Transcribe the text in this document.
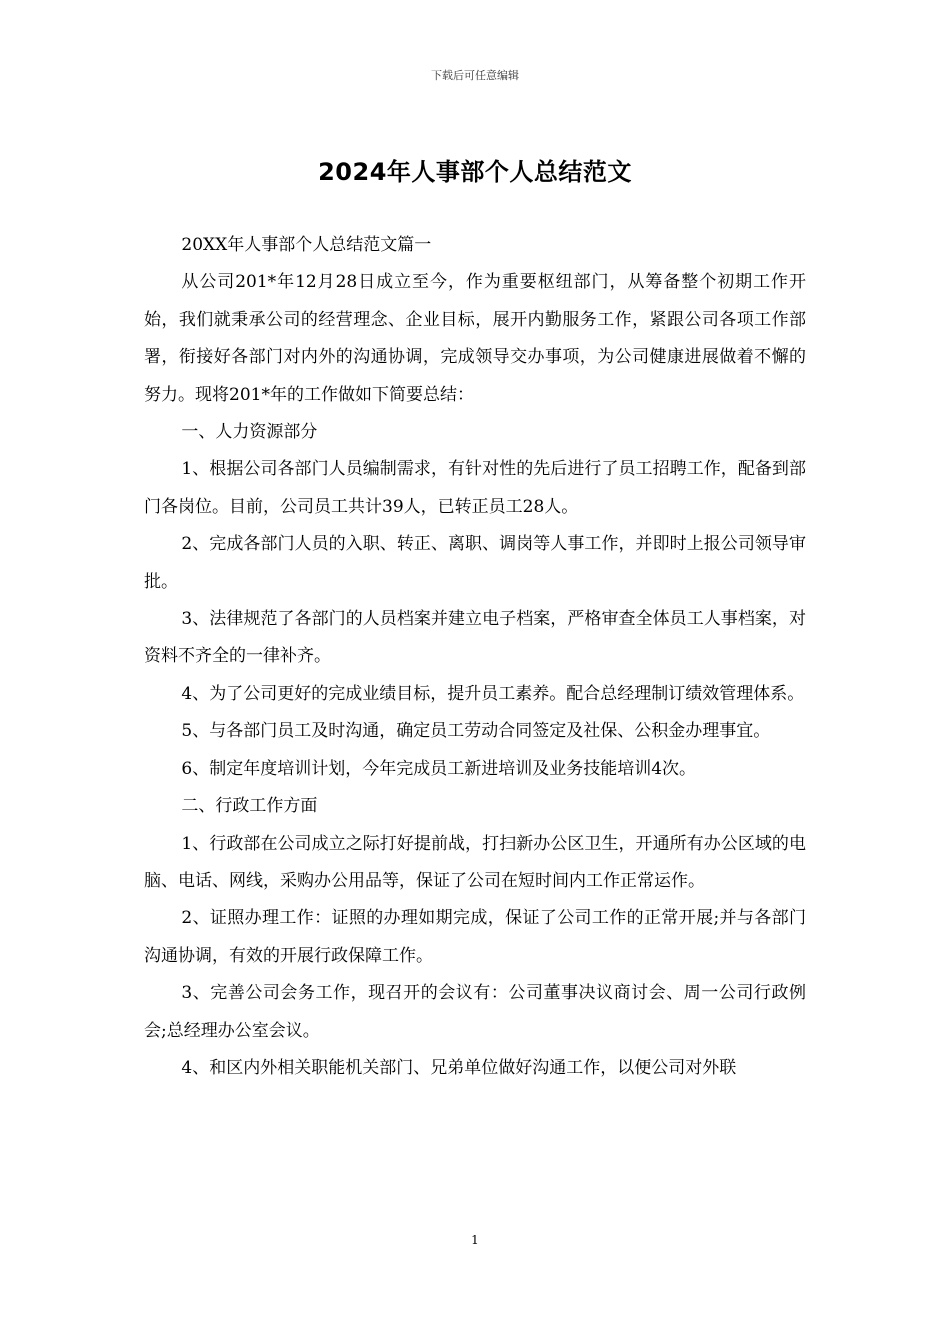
下载后可任意编辑
2024年人事部个人总结范文

20XX年人事部个人总结范文篇一

从公司201*年12月28日成立至今，作为重要枢纽部门，从筹备整个初期工作开始，我们就秉承公司的经营理念、企业目标，展开内勤服务工作，紧跟公司各项工作部署，衔接好各部门对内外的沟通协调，完成领导交办事项，为公司健康进展做着不懈的努力。现将201*年的工作做如下简要总结：

一、人力资源部分

1、根据公司各部门人员编制需求，有针对性的先后进行了员工招聘工作，配备到部门各岗位。目前，公司员工共计39人，已转正员工28人。

2、完成各部门人员的入职、转正、离职、调岗等人事工作，并即时上报公司领导审批。

3、法律规范了各部门的人员档案并建立电子档案，严格审查全体员工人事档案，对资料不齐全的一律补齐。

4、为了公司更好的完成业绩目标，提升员工素养。配合总经理制订绩效管理体系。

5、与各部门员工及时沟通，确定员工劳动合同签定及社保、公积金办理事宜。

6、制定年度培训计划，今年完成员工新进培训及业务技能培训4次。

二、行政工作方面

1、行政部在公司成立之际打好提前战，打扫新办公区卫生，开通所有办公区域的电脑、电话、网线，采购办公用品等，保证了公司在短时间内工作正常运作。

2、证照办理工作：证照的办理如期完成，保证了公司工作的正常开展;并与各部门沟通协调，有效的开展行政保障工作。

3、完善公司会务工作，现召开的会议有：公司董事决议商讨会、周一公司行政例会;总经理办公室会议。

4、和区内外相关职能机关部门、兄弟单位做好沟通工作，以便公司对外联

1
